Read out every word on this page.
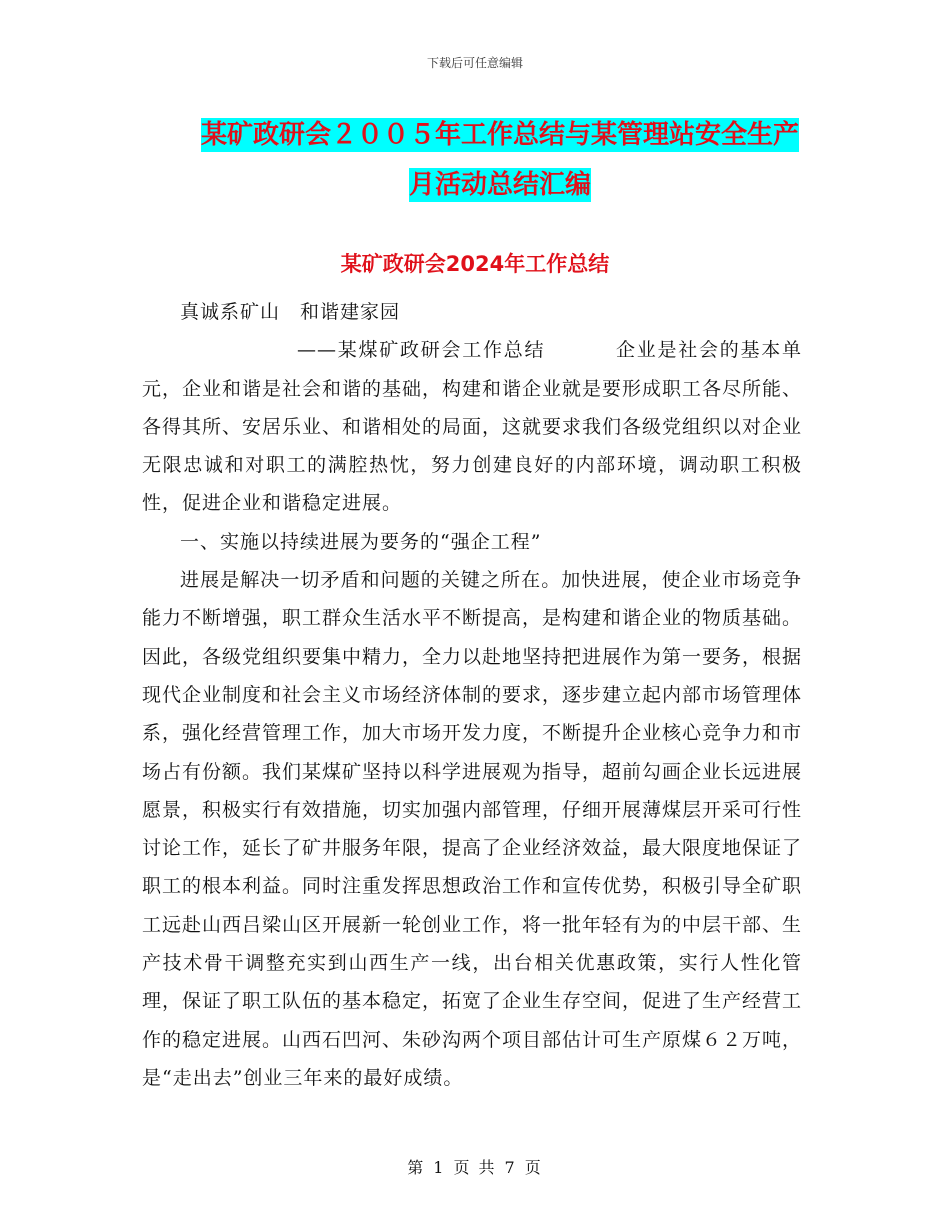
下载后可任意编辑
某矿政研会２００５年工作总结与某管理站安全生产
月活动总结汇编
某矿政研会2024年工作总结

真诚系矿山　和谐建家园

——某煤矿政研会工作总结	企业是社会的基本单元，企业和谐是社会和谐的基础，构建和谐企业就是要形成职工各尽所能、各得其所、安居乐业、和谐相处的局面，这就要求我们各级党组织以对企业无限忠诚和对职工的满腔热忱，努力创建良好的内部环境，调动职工积极性，促进企业和谐稳定进展。

一、实施以持续进展为要务的“强企工程”

进展是解决一切矛盾和问题的关键之所在。加快进展，使企业市场竞争能力不断增强，职工群众生活水平不断提高，是构建和谐企业的物质基础。因此，各级党组织要集中精力，全力以赴地坚持把进展作为第一要务，根据现代企业制度和社会主义市场经济体制的要求，逐步建立起内部市场管理体系，强化经营管理工作，加大市场开发力度，不断提升企业核心竞争力和市场占有份额。我们某煤矿坚持以科学进展观为指导，超前勾画企业长远进展愿景，积极实行有效措施，切实加强内部管理，仔细开展薄煤层开采可行性讨论工作，延长了矿井服务年限，提高了企业经济效益，最大限度地保证了职工的根本利益。同时注重发挥思想政治工作和宣传优势，积极引导全矿职工远赴山西吕梁山区开展新一轮创业工作，将一批年轻有为的中层干部、生产技术骨干调整充实到山西生产一线，出台相关优惠政策，实行人性化管理，保证了职工队伍的基本稳定，拓宽了企业生存空间，促进了生产经营工作的稳定进展。山西石凹河、朱砂沟两个项目部估计可生产原煤６２万吨，是“走出去”创业三年来的最好成绩。

第 1 页 共 7 页
